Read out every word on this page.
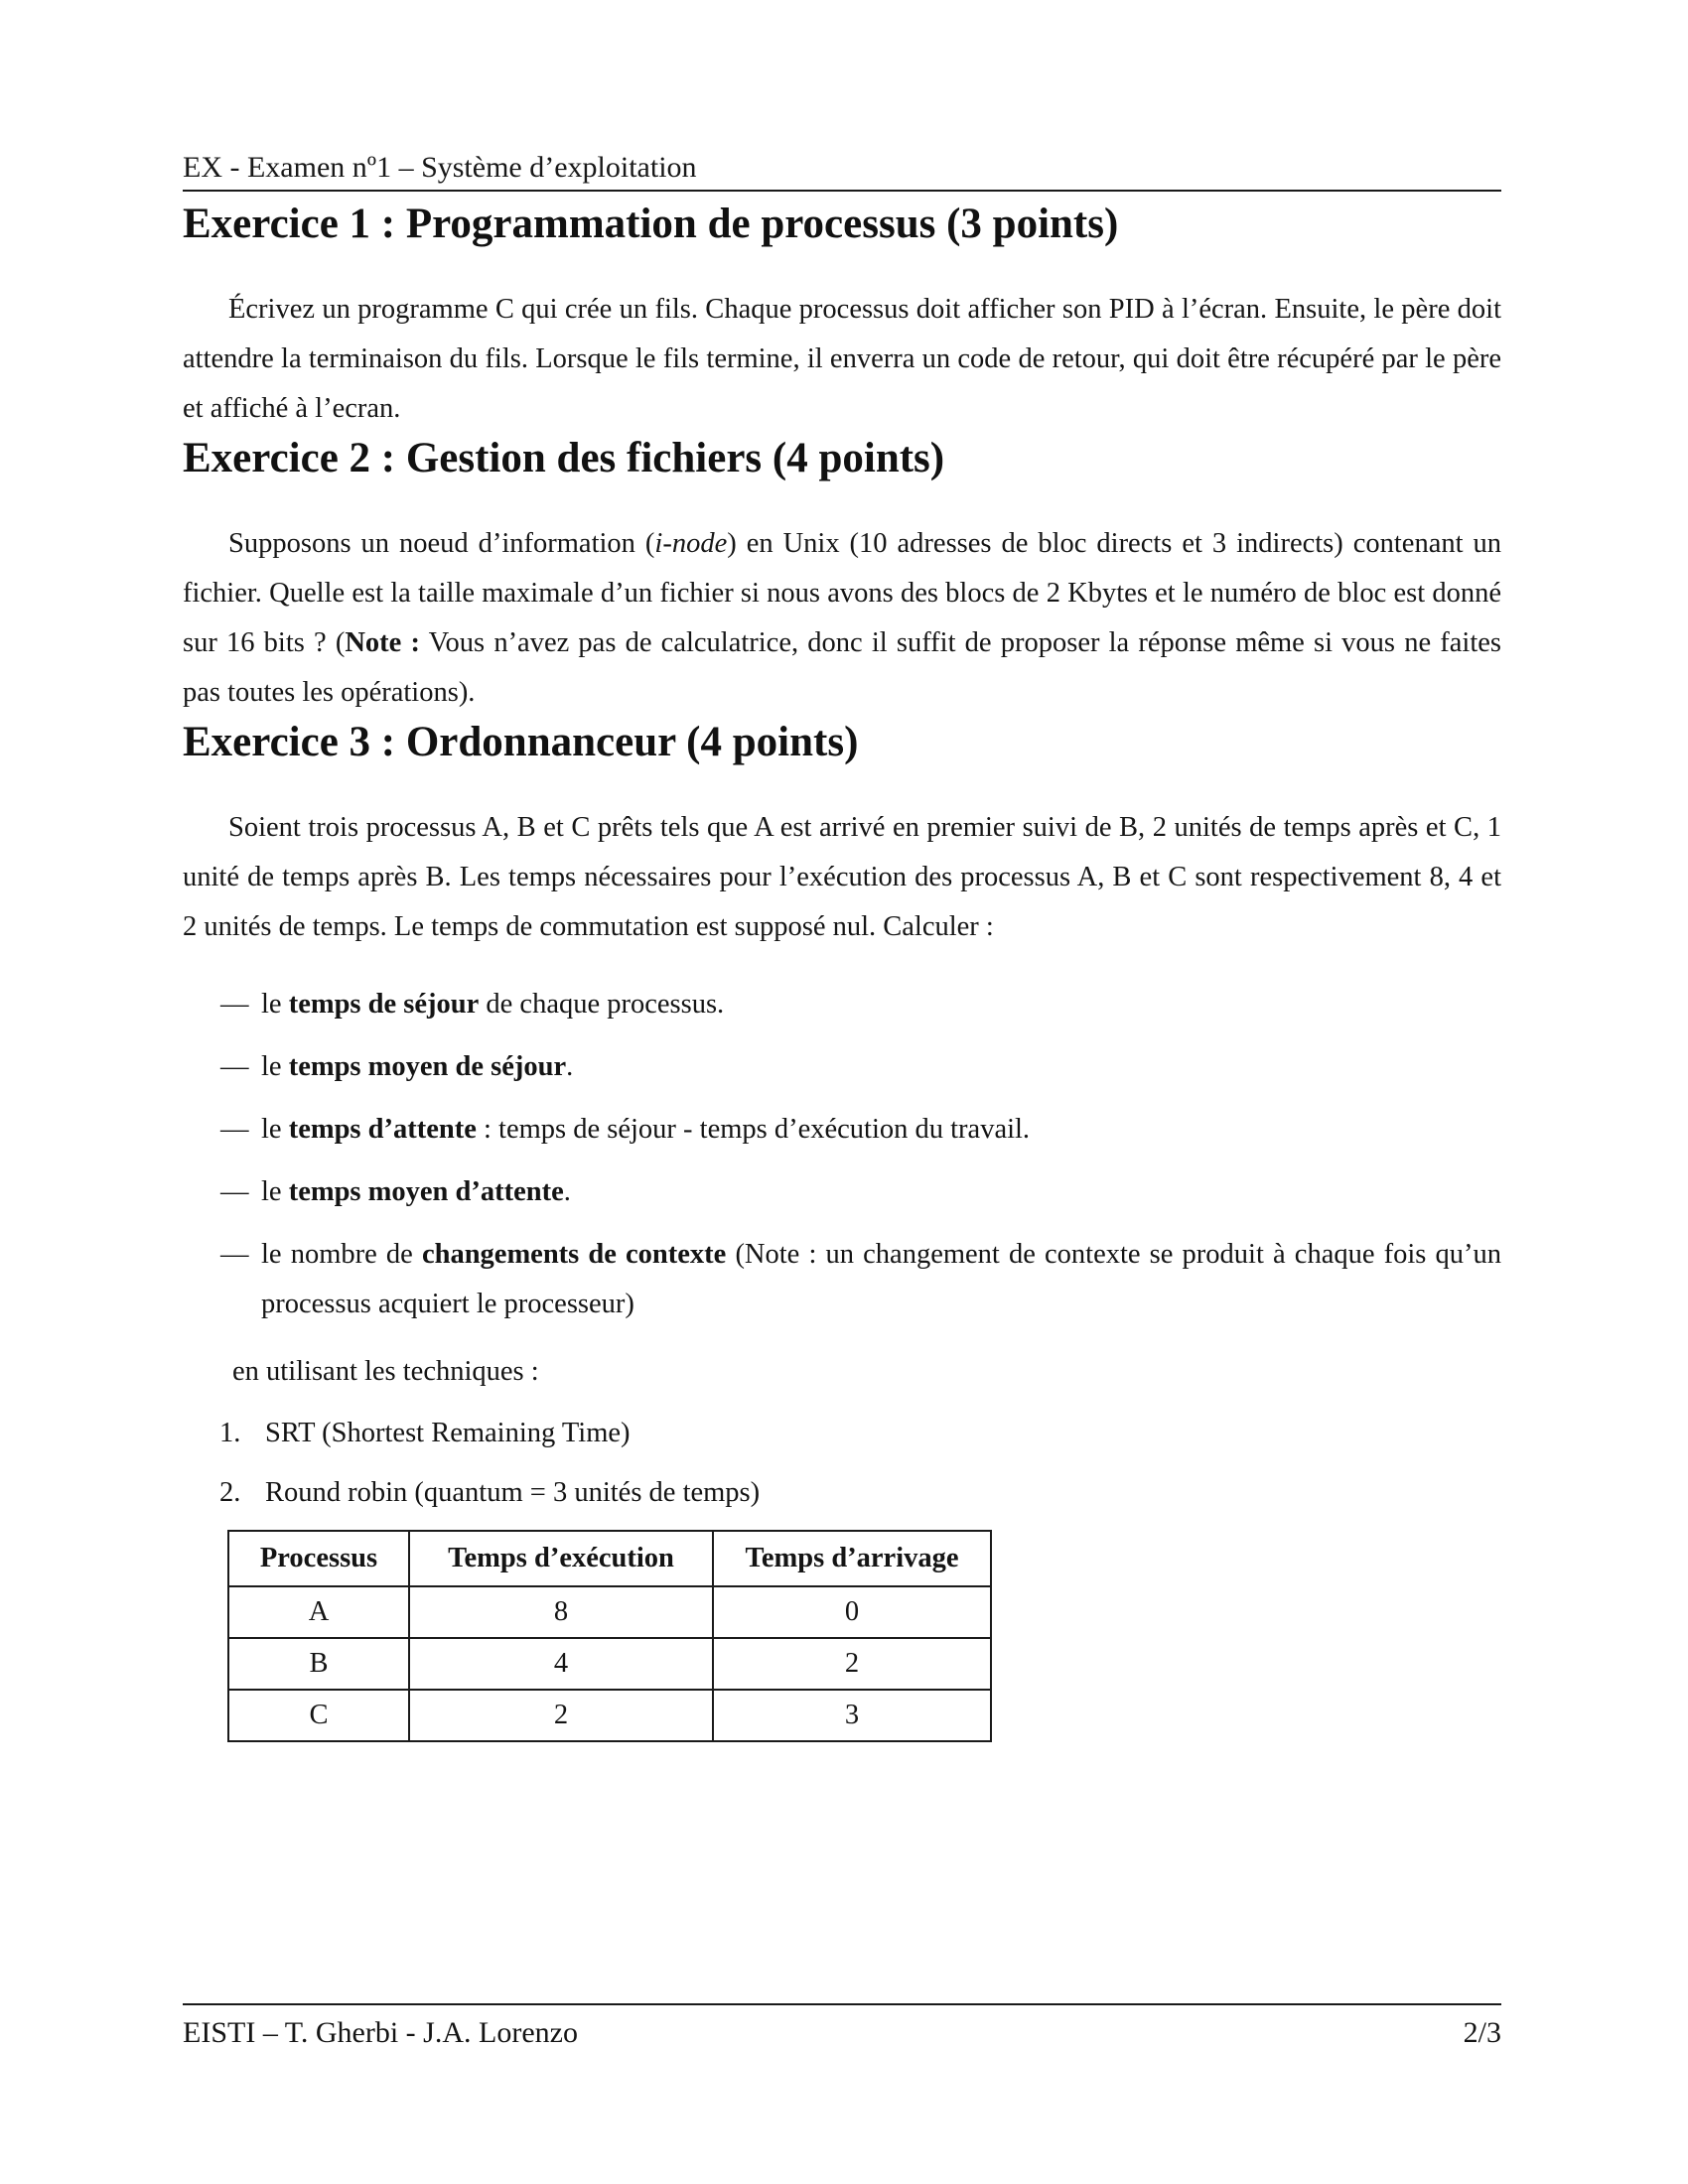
EX - Examen nº1 – Système d’exploitation
Exercice 1 : Programmation de processus (3 points)

Écrivez un programme C qui crée un fils. Chaque processus doit afficher son PID à l’écran. Ensuite, le père doit attendre la terminaison du fils. Lorsque le fils termine, il enverra un code de retour, qui doit être récupéré par le père et affiché à l’ecran.

Exercice 2 : Gestion des fichiers (4 points)

Supposons un noeud d’information (i-node) en Unix (10 adresses de bloc directs et 3 indirects) contenant un fichier. Quelle est la taille maximale d’un fichier si nous avons des blocs de 2 Kbytes et le numéro de bloc est donné sur 16 bits ? (Note : Vous n’avez pas de calculatrice, donc il suffit de proposer la réponse même si vous ne faites pas toutes les opérations).

Exercice 3 : Ordonnanceur (4 points)

Soient trois processus A, B et C prêts tels que A est arrivé en premier suivi de B, 2 unités de temps après et C, 1 unité de temps après B. Les temps nécessaires pour l’exécution des processus A, B et C sont respectivement 8, 4 et 2 unités de temps. Le temps de commutation est supposé nul. Calculer :

— le temps de séjour de chaque processus.
— le temps moyen de séjour.
— le temps d’attente : temps de séjour - temps d’exécution du travail.
— le temps moyen d’attente.
— le nombre de changements de contexte (Note : un changement de contexte se produit à chaque fois qu’un processus acquiert le processeur)
en utilisant les techniques :
1. SRT (Shortest Remaining Time)
2. Round robin (quantum = 3 unités de temps)
Processus	Temps d’exécution	Temps d’arrivage
A	8	0
B	4	2
C	2	3
EISTI – T. Gherbi - J.A. Lorenzo	2/3
